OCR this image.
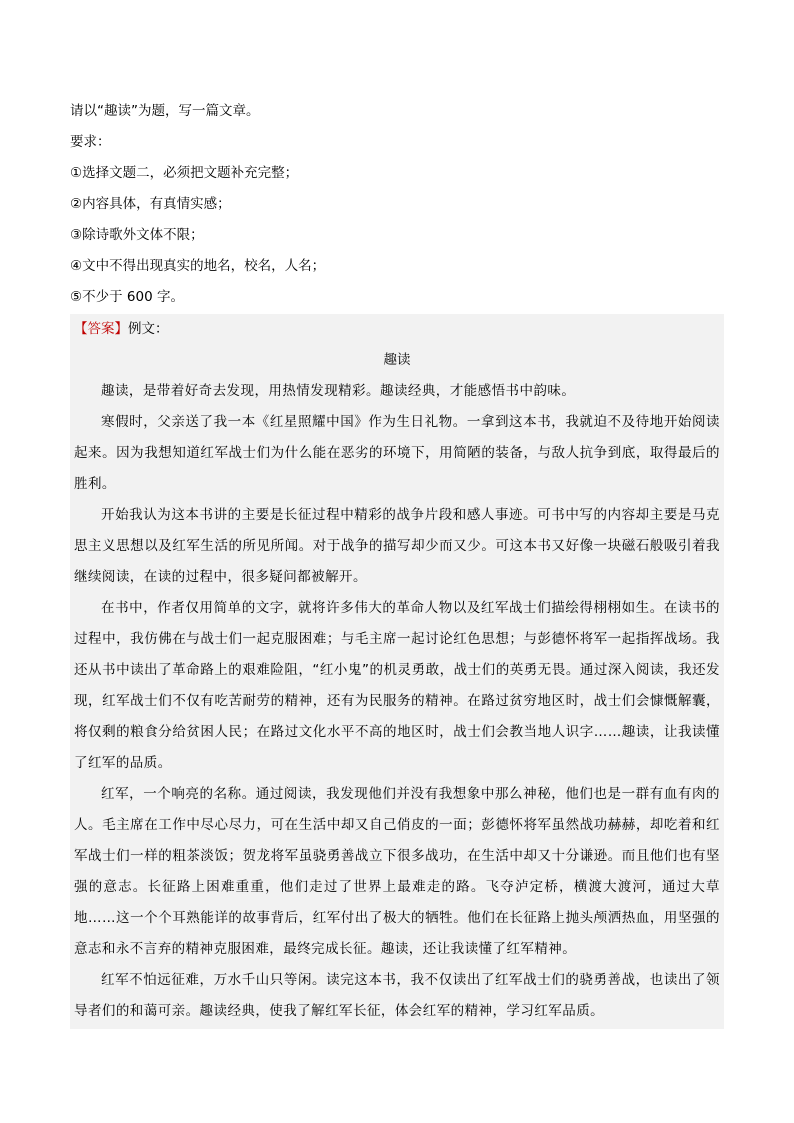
请以“趣读”为题，写一篇文章。
要求：
①选择文题二，必须把文题补充完整；
②内容具体，有真情实感；
③除诗歌外文体不限；
④文中不得出现真实的地名，校名，人名；
⑤不少于 600 字。
【答案】例文：
趣读

趣读，是带着好奇去发现，用热情发现精彩。趣读经典，才能感悟书中韵味。

寒假时，父亲送了我一本《红星照耀中国》作为生日礼物。一拿到这本书，我就迫不及待地开始阅读起来。因为我想知道红军战士们为什么能在恶劣的环境下，用简陋的装备，与敌人抗争到底，取得最后的胜利。

开始我认为这本书讲的主要是长征过程中精彩的战争片段和感人事迹。可书中写的内容却主要是马克思主义思想以及红军生活的所见所闻。对于战争的描写却少而又少。可这本书又好像一块磁石般吸引着我继续阅读，在读的过程中，很多疑问都被解开。

在书中，作者仅用简单的文字，就将许多伟大的革命人物以及红军战士们描绘得栩栩如生。在读书的过程中，我仿佛在与战士们一起克服困难；与毛主席一起讨论红色思想；与彭德怀将军一起指挥战场。我还从书中读出了革命路上的艰难险阻，“红小鬼”的机灵勇敢，战士们的英勇无畏。通过深入阅读，我还发现，红军战士们不仅有吃苦耐劳的精神，还有为民服务的精神。在路过贫穷地区时，战士们会慷慨解囊，将仅剩的粮食分给贫困人民；在路过文化水平不高的地区时，战士们会教当地人识字……趣读，让我读懂了红军的品质。

红军，一个响亮的名称。通过阅读，我发现他们并没有我想象中那么神秘，他们也是一群有血有肉的人。毛主席在工作中尽心尽力，可在生活中却又自己俏皮的一面；彭德怀将军虽然战功赫赫，却吃着和红军战士们一样的粗茶淡饭；贺龙将军虽骁勇善战立下很多战功，在生活中却又十分谦逊。而且他们也有坚强的意志。长征路上困难重重，他们走过了世界上最难走的路。飞夺泸定桥，横渡大渡河，通过大草地……这一个个耳熟能详的故事背后，红军付出了极大的牺牲。他们在长征路上抛头颅洒热血，用坚强的意志和永不言弃的精神克服困难，最终完成长征。趣读，还让我读懂了红军精神。

红军不怕远征难，万水千山只等闲。读完这本书，我不仅读出了红军战士们的骁勇善战，也读出了领导者们的和蔼可亲。趣读经典，使我了解红军长征，体会红军的精神，学习红军品质。
